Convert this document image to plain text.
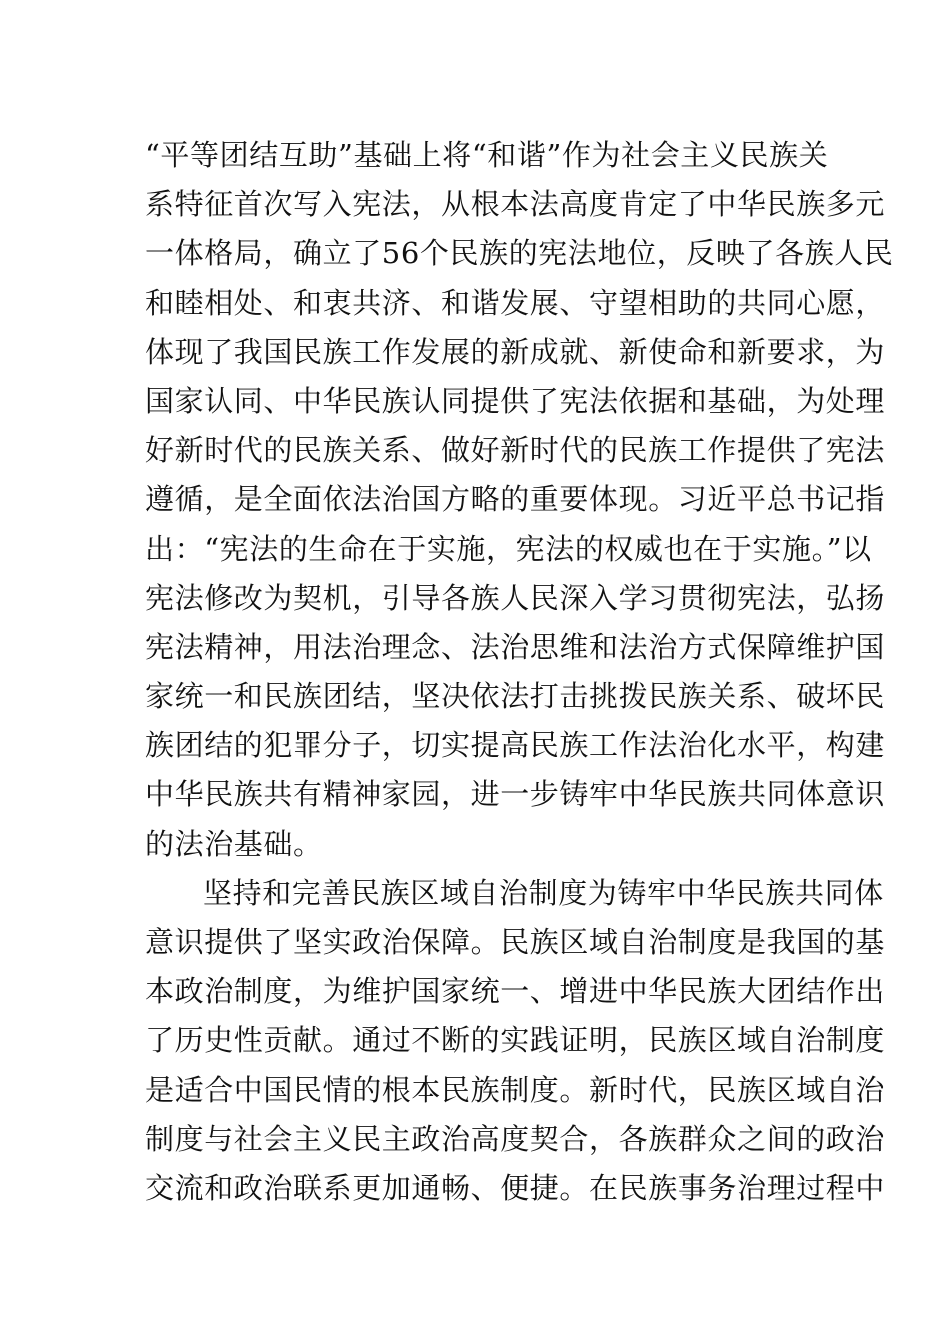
“平等团结互助”基础上将“和谐”作为社会主义民族关
系特征首次写入宪法，从根本法高度肯定了中华民族多元
一体格局，确立了56个民族的宪法地位，反映了各族人民
和睦相处、和衷共济、和谐发展、守望相助的共同心愿，
体现了我国民族工作发展的新成就、新使命和新要求，为
国家认同、中华民族认同提供了宪法依据和基础，为处理
好新时代的民族关系、做好新时代的民族工作提供了宪法
遵循，是全面依法治国方略的重要体现。习近平总书记指
出：“宪法的生命在于实施，宪法的权威也在于实施。”以
宪法修改为契机，引导各族人民深入学习贯彻宪法，弘扬
宪法精神，用法治理念、法治思维和法治方式保障维护国
家统一和民族团结，坚决依法打击挑拨民族关系、破坏民
族团结的犯罪分子，切实提高民族工作法治化水平，构建
中华民族共有精神家园，进一步铸牢中华民族共同体意识
的法治基础。
坚持和完善民族区域自治制度为铸牢中华民族共同体
意识提供了坚实政治保障。民族区域自治制度是我国的基
本政治制度，为维护国家统一、增进中华民族大团结作出
了历史性贡献。通过不断的实践证明，民族区域自治制度
是适合中国民情的根本民族制度。新时代，民族区域自治
制度与社会主义民主政治高度契合，各族群众之间的政治
交流和政治联系更加通畅、便捷。在民族事务治理过程中
